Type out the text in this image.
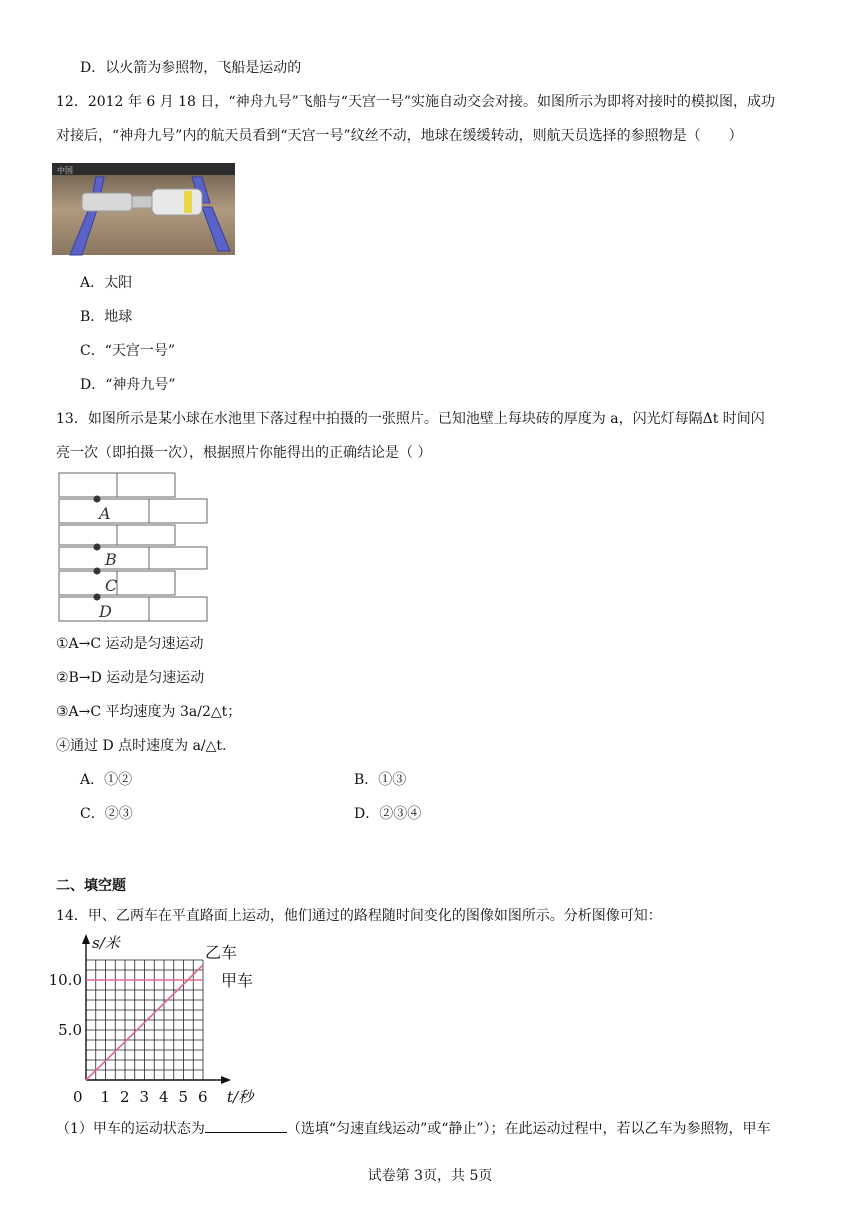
D．以火箭为参照物，飞船是运动的
12．2012 年 6 月 18 日，“神舟九号”飞船与“天宫一号”实施自动交会对接。如图所示为即将对接时的模拟图，成功
对接后，“神舟九号”内的航天员看到“天宫一号”纹丝不动，地球在缓缓转动，则航天员选择的参照物是（　　）
中国
A．太阳
B．地球
C．“天宫一号”
D．“神舟九号”
13．如图所示是某小球在水池里下落过程中拍摄的一张照片。已知池壁上每块砖的厚度为 a，闪光灯每隔Δt 时间闪
亮一次（即拍摄一次），根据照片你能得出的正确结论是（ ）
A
B
C
D
①A→C 运动是匀速运动
②B→D 运动是匀速运动
③A→C 平均速度为 3a/2△t；
④通过 D 点时速度为 a/△t.
A．①②	B．①③
C．②③	D．②③④
二、填空题
14．甲、乙两车在平直路面上运动，他们通过的路程随时间变化的图像如图所示。分析图像可知：
乙车
甲车
0 1 2 3 4 5 6
5.0
10.0
s/米
t/秒
（1）甲车的运动状态为	（选填“匀速直线运动”或“静止”）；在此运动过程中，若以乙车为参照物，甲车
试卷第 3页，共 5页
